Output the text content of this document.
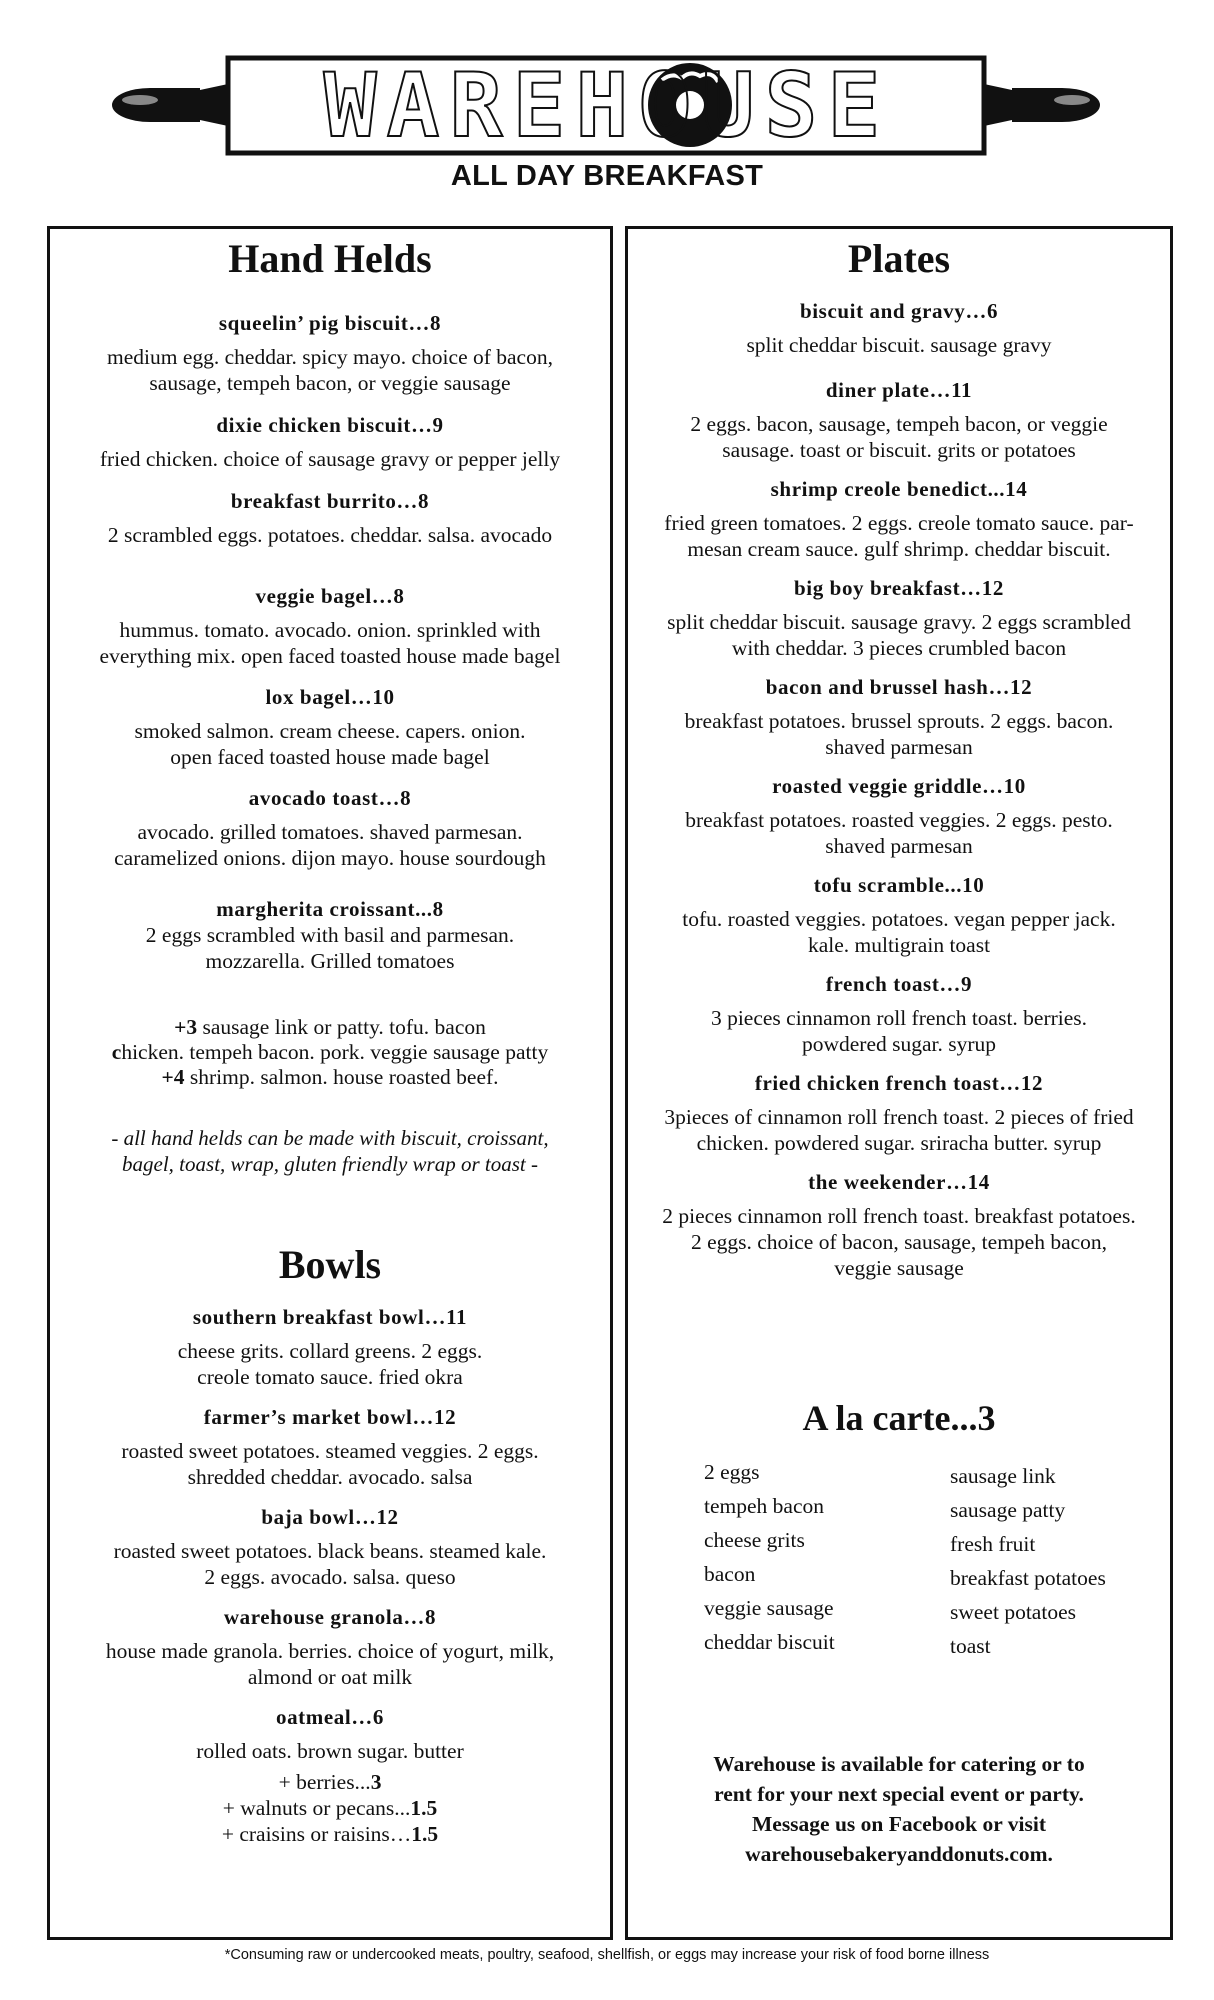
WAREHOUSE
ALL DAY BREAKFAST
Hand Helds
squeelin’ pig biscuit…8
medium egg. cheddar. spicy mayo. choice of bacon,
sausage, tempeh bacon, or veggie sausage
dixie chicken biscuit…9
fried chicken. choice of sausage gravy or pepper jelly
breakfast burrito…8
2 scrambled eggs. potatoes. cheddar. salsa. avocado
veggie bagel…8
hummus. tomato. avocado. onion. sprinkled with
everything mix. open faced toasted house made bagel
lox bagel…10
smoked salmon. cream cheese. capers. onion.
open faced toasted house made bagel
avocado toast…8
avocado. grilled tomatoes. shaved parmesan.
caramelized onions. dijon mayo. house sourdough
margherita croissant...8
2 eggs scrambled with basil and parmesan.
mozzarella. Grilled tomatoes
+3 sausage link or patty. tofu. bacon
chicken. tempeh bacon. pork. veggie sausage patty
+4 shrimp. salmon. house roasted beef.
- all hand helds can be made with biscuit, croissant,
bagel, toast, wrap, gluten friendly wrap or toast -
Bowls
southern breakfast bowl…11
cheese grits. collard greens. 2 eggs.
creole tomato sauce. fried okra
farmer’s market bowl…12
roasted sweet potatoes. steamed veggies. 2 eggs.
shredded cheddar. avocado. salsa
baja bowl…12
roasted sweet potatoes. black beans. steamed kale.
2 eggs. avocado. salsa. queso
warehouse granola…8
house made granola. berries. choice of yogurt, milk,
almond or oat milk
oatmeal…6
rolled oats. brown sugar. butter
+ berries...3
+ walnuts or pecans...1.5
+ craisins or raisins…1.5
Plates
biscuit and gravy…6
split cheddar biscuit. sausage gravy
diner plate…11
2 eggs. bacon, sausage, tempeh bacon, or veggie
sausage. toast or biscuit. grits or potatoes
shrimp creole benedict...14
fried green tomatoes. 2 eggs. creole tomato sauce. par-
mesan cream sauce. gulf shrimp. cheddar biscuit.
big boy breakfast…12
split cheddar biscuit. sausage gravy. 2 eggs scrambled
with cheddar. 3 pieces crumbled bacon
bacon and brussel hash…12
breakfast potatoes. brussel sprouts. 2 eggs. bacon.
shaved parmesan
roasted veggie griddle…10
breakfast potatoes. roasted veggies. 2 eggs. pesto.
shaved parmesan
tofu scramble...10
tofu. roasted veggies. potatoes. vegan pepper jack.
kale. multigrain toast
french toast…9
3 pieces cinnamon roll french toast. berries.
powdered sugar. syrup
fried chicken french toast…12
3pieces of cinnamon roll french toast. 2 pieces of fried
chicken. powdered sugar. sriracha butter. syrup
the weekender…14
2 pieces cinnamon roll french toast. breakfast potatoes.
2 eggs. choice of bacon, sausage, tempeh bacon,
veggie sausage
A la carte...3
2 eggs
tempeh bacon
cheese grits
bacon
veggie sausage
cheddar biscuit
sausage link
sausage patty
fresh fruit
breakfast potatoes
sweet potatoes
toast
Warehouse is available for catering or to
rent for your next special event or party.
Message us on Facebook or visit
warehousebakeryanddonuts.com.
*Consuming raw or undercooked meats, poultry, seafood, shellfish, or eggs may increase your risk of food borne illness
